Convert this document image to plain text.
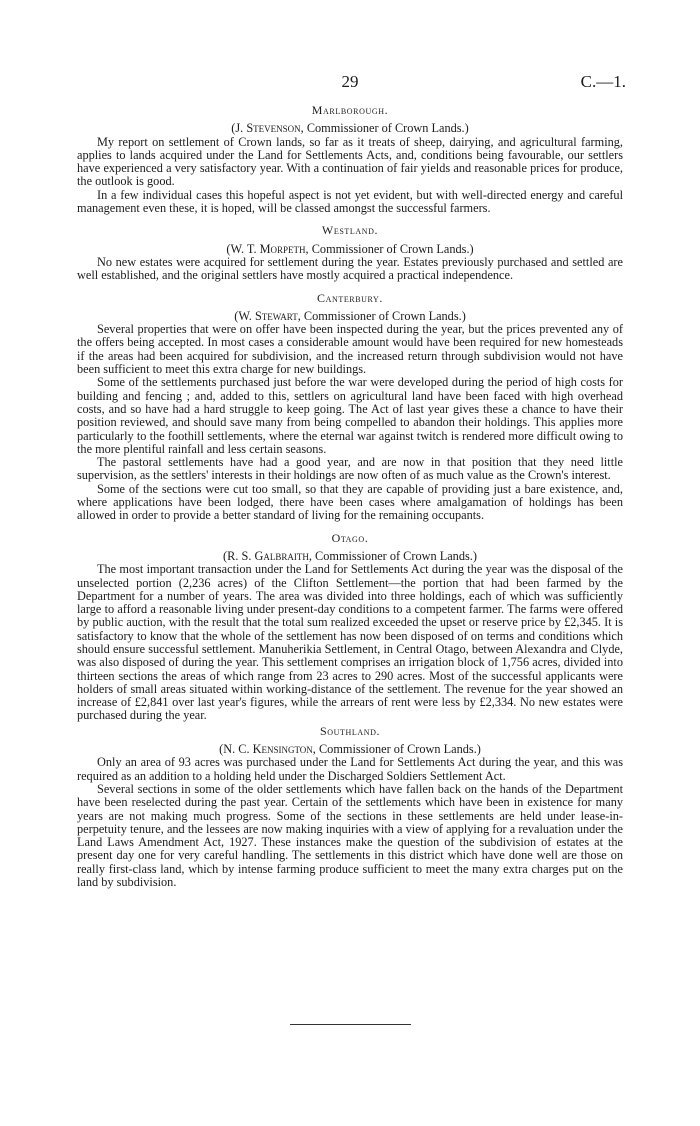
29	C.—1.
Marlborough.
(J. Stevenson, Commissioner of Crown Lands.)

My report on settlement of Crown lands, so far as it treats of sheep, dairying, and agricultural farming, applies to lands acquired under the Land for Settlements Acts, and, conditions being favourable, our settlers have experienced a very satisfactory year. With a continuation of fair yields and reasonable prices for produce, the outlook is good.

In a few individual cases this hopeful aspect is not yet evident, but with well-directed energy and careful management even these, it is hoped, will be classed amongst the successful farmers.

Westland.
(W. T. Morpeth, Commissioner of Crown Lands.)

No new estates were acquired for settlement during the year. Estates previously purchased and settled are well established, and the original settlers have mostly acquired a practical independence.

Canterbury.
(W. Stewart, Commissioner of Crown Lands.)

Several properties that were on offer have been inspected during the year, but the prices prevented any of the offers being accepted. In most cases a considerable amount would have been required for new homesteads if the areas had been acquired for subdivision, and the increased return through subdivision would not have been sufficient to meet this extra charge for new buildings.

Some of the settlements purchased just before the war were developed during the period of high costs for building and fencing ; and, added to this, settlers on agricultural land have been faced with high overhead costs, and so have had a hard struggle to keep going. The Act of last year gives these a chance to have their position reviewed, and should save many from being compelled to abandon their holdings. This applies more particularly to the foothill settlements, where the eternal war against twitch is rendered more difficult owing to the more plentiful rainfall and less certain seasons.

The pastoral settlements have had a good year, and are now in that position that they need little supervision, as the settlers' interests in their holdings are now often of as much value as the Crown's interest.

Some of the sections were cut too small, so that they are capable of providing just a bare existence, and, where applications have been lodged, there have been cases where amalgamation of holdings has been allowed in order to provide a better standard of living for the remaining occupants.

Otago.
(R. S. Galbraith, Commissioner of Crown Lands.)

The most important transaction under the Land for Settlements Act during the year was the disposal of the unselected portion (2,236 acres) of the Clifton Settlement—the portion that had been farmed by the Department for a number of years. The area was divided into three holdings, each of which was sufficiently large to afford a reasonable living under present-day conditions to a competent farmer. The farms were offered by public auction, with the result that the total sum realized exceeded the upset or reserve price by £2,345. It is satisfactory to know that the whole of the settlement has now been disposed of on terms and conditions which should ensure successful settlement. Manuherikia Settlement, in Central Otago, between Alexandra and Clyde, was also disposed of during the year. This settlement comprises an irrigation block of 1,756 acres, divided into thirteen sections the areas of which range from 23 acres to 290 acres. Most of the successful applicants were holders of small areas situated within working-distance of the settlement. The revenue for the year showed an increase of £2,841 over last year's figures, while the arrears of rent were less by £2,334. No new estates were purchased during the year.

Southland.
(N. C. Kensington, Commissioner of Crown Lands.)

Only an area of 93 acres was purchased under the Land for Settlements Act during the year, and this was required as an addition to a holding held under the Discharged Soldiers Settlement Act.

Several sections in some of the older settlements which have fallen back on the hands of the Department have been reselected during the past year. Certain of the settlements which have been in existence for many years are not making much progress. Some of the sections in these settlements are held under lease-in-perpetuity tenure, and the lessees are now making inquiries with a view of applying for a revaluation under the Land Laws Amendment Act, 1927. These instances make the question of the subdivision of estates at the present day one for very careful handling. The settlements in this district which have done well are those on really first-class land, which by intense farming produce sufficient to meet the many extra charges put on the land by subdivision.
